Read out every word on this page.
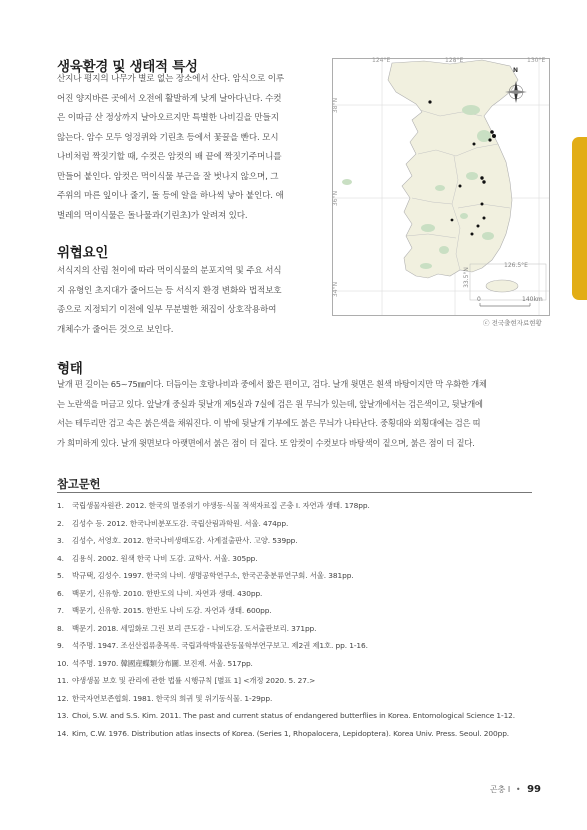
생육환경 및 생태적 특성
산지나 평지의 나무가 별로 없는 장소에서 산다. 암식으로 이루
어진 양지바른 곳에서 오전에 활발하게 낮게 날아다닌다. 수컷
은 이따금 산 정상까지 날아오르지만 특별한 나비길을 만들지
않는다. 암수 모두 엉겅퀴와 기린초 등에서 꽃꿀을 빤다. 모시
나비처럼 짝짓기할 때, 수컷은 암컷의 배 끝에 짝짓기주머니를
만들어 붙인다. 암컷은 먹이식물 부근을 잘 벗나지 않으며, 그
주위의 마른 잎이나 줄기, 돌 등에 알을 하나씩 낳아 붙인다. 애
벌레의 먹이식물은 돌나물과(기린초)가 알려져 있다.
위협요인
서식지의 산림 천이에 따라 먹이식물의 분포지역 및 주요 서식
지 유형인 초지대가 줄어드는 등 서식지 환경 변화와 법적보호
종으로 지정되기 이전에 일부 무분별한 채집이 상호작용하여
개체수가 줄어든 것으로 보인다.
124°E	128°E	130°E
38°N
36°N
34°N
126.5°E
33.5°N
N
0	140km
ⓒ 전국출현자료현황
형태
날개 편 길이는 65~75㎜이다. 더듬이는 호랑나비과 중에서 짧은 편이고, 검다. 날개 윗면은 흰색 바탕이지만 막 우화한 개체
는 노란색을 머금고 있다. 앞날개 중실과 뒷날개 제5실과 7실에 검은 원 무늬가 있는데, 앞날개에서는 검은색이고, 뒷날개에
서는 테두리만 검고 속은 붉은색을 채워진다. 이 밖에 뒷날개 기부에도 붉은 무늬가 나타난다. 중횡대와 외횡대에는 검은 띠
가 희미하게 있다. 날개 윗면보다 아랫면에서 붉은 점이 더 짙다. 또 암컷이 수컷보다 바탕색이 짙으며, 붉은 점이 더 짙다.
참고문헌
1. 국립생물자원관. 2012. 한국의 멸종위기 야생동·식물 적색자료집 곤충 I. 자연과 생태. 178pp.
2. 김성수 등. 2012. 한국나비분포도감. 국립산림과학원. 서울. 474pp.
3. 김성수, 서영호. 2012. 한국나비생태도감. 사계절출판사. 고양. 539pp.
4. 김용식. 2002. 원색 한국 나비 도감. 교학사. 서울. 305pp.
5. 박규택, 김성수. 1997. 한국의 나비. 생명공학연구소, 한국곤충분류연구회. 서울. 381pp.
6. 백문기, 신유항. 2010. 한반도의 나비. 자연과 생태. 430pp.
7. 백문기, 신유항. 2015. 한반도 나비 도감. 자연과 생태. 600pp.
8. 백문기. 2018. 세밀화로 그린 보리 큰도감 - 나비도감. 도서출판보리. 371pp.
9. 석주명. 1947. 조선산접류총목록. 국립과학박물관동물학부연구보고. 제2권 제1호. pp. 1-16.
10. 석주명. 1970. 韓國産蝶類分布圖. 보진재. 서울. 517pp.
11. 야생생물 보호 및 관리에 관한 법률 시행규칙 [별표 1] <개정 2020. 5. 27.>
12. 한국자연보존협회. 1981. 한국의 희귀 및 위기동식물. 1-29pp.
13. Choi, S.W. and S.S. Kim. 2011. The past and current status of endangered butterflies in Korea. Entomological Science 1-12.
14. Kim, C.W. 1976. Distribution atlas insects of Korea. (Series 1, Rhopalocera, Lepidoptera). Korea Univ. Press. Seoul. 200pp.
곤충 I • 99
